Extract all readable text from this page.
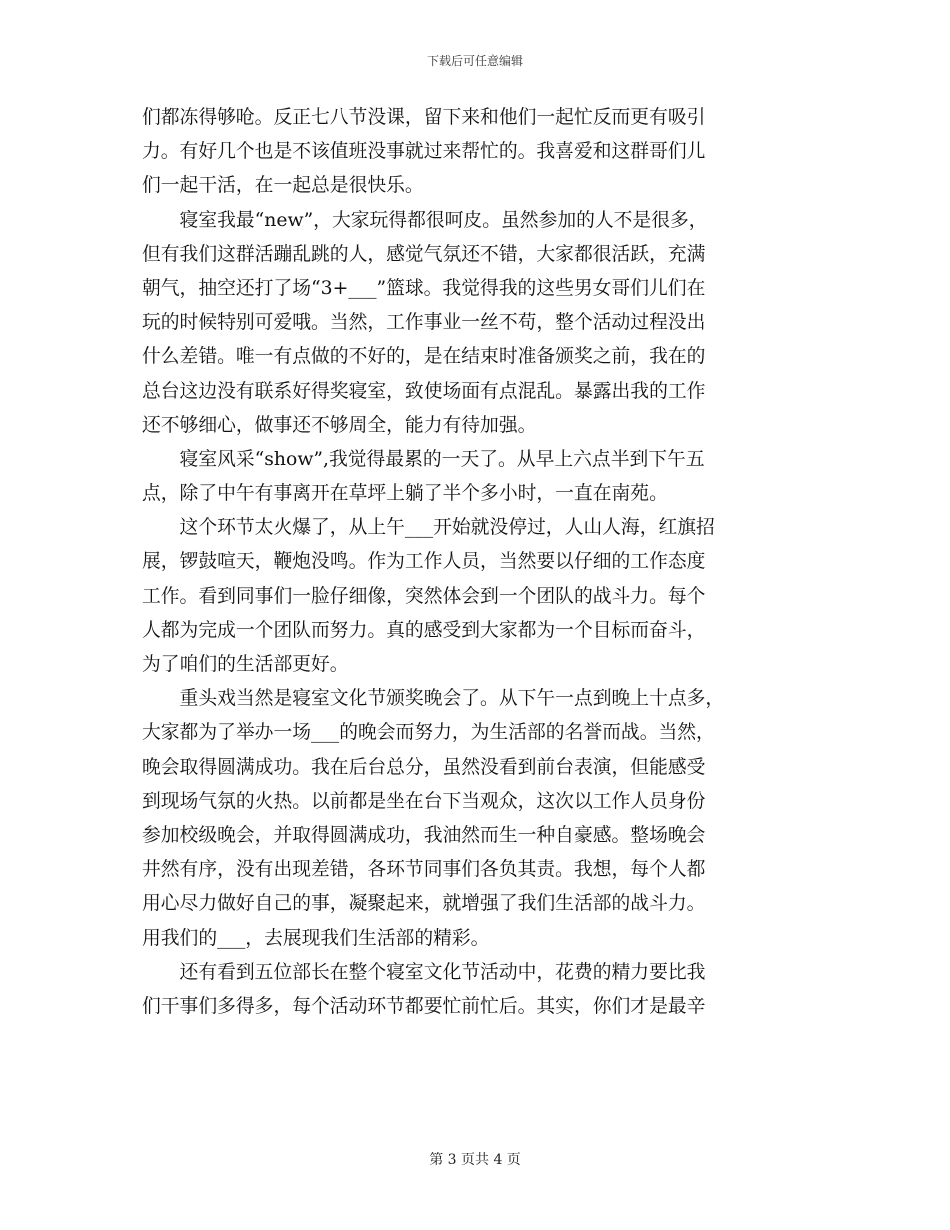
下载后可任意编辑
们都冻得够呛。反正七八节没课，留下来和他们一起忙反而更有吸引
力。有好几个也是不该值班没事就过来帮忙的。我喜爱和这群哥们儿
们一起干活，在一起总是很快乐。
　　寝室我最“new”，大家玩得都很呵皮。虽然参加的人不是很多，
但有我们这群活蹦乱跳的人，感觉气氛还不错，大家都很活跃，充满
朝气，抽空还打了场“3+___”篮球。我觉得我的这些男女哥们儿们在
玩的时候特别可爱哦。当然，工作事业一丝不苟，整个活动过程没出
什么差错。唯一有点做的不好的，是在结束时准备颁奖之前，我在的
总台这边没有联系好得奖寝室，致使场面有点混乱。暴露出我的工作
还不够细心，做事还不够周全，能力有待加强。
　　寝室风采“show”,我觉得最累的一天了。从早上六点半到下午五
点，除了中午有事离开在草坪上躺了半个多小时，一直在南苑。
　　这个环节太火爆了，从上午___开始就没停过，人山人海，红旗招
展，锣鼓喧天，鞭炮没鸣。作为工作人员，当然要以仔细的工作态度
工作。看到同事们一脸仔细像，突然体会到一个团队的战斗力。每个
人都为完成一个团队而努力。真的感受到大家都为一个目标而奋斗，
为了咱们的生活部更好。
　　重头戏当然是寝室文化节颁奖晚会了。从下午一点到晚上十点多，
大家都为了举办一场___的晚会而努力，为生活部的名誉而战。当然，
晚会取得圆满成功。我在后台总分，虽然没看到前台表演，但能感受
到现场气氛的火热。以前都是坐在台下当观众，这次以工作人员身份
参加校级晚会，并取得圆满成功，我油然而生一种自豪感。整场晚会
井然有序，没有出现差错，各环节同事们各负其责。我想，每个人都
用心尽力做好自己的事，凝聚起来，就增强了我们生活部的战斗力。
用我们的___，去展现我们生活部的精彩。
　　还有看到五位部长在整个寝室文化节活动中，花费的精力要比我
们干事们多得多，每个活动环节都要忙前忙后。其实，你们才是最辛
第 3 页共 4 页
